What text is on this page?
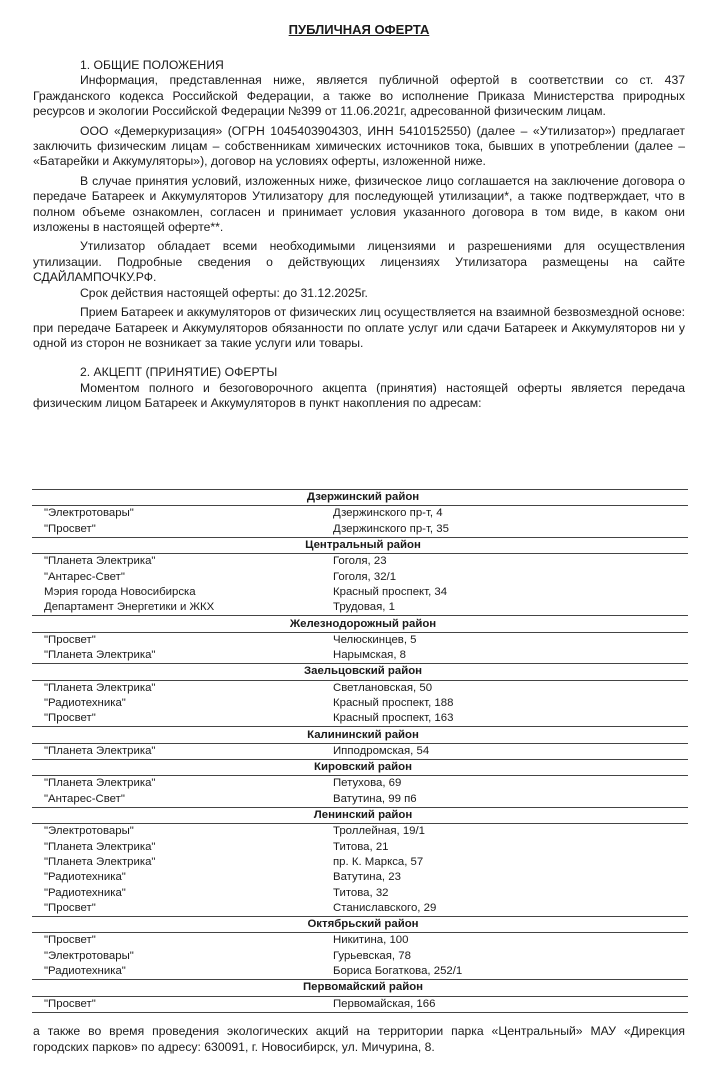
ПУБЛИЧНАЯ ОФЕРТА

1. ОБЩИЕ ПОЛОЖЕНИЯ

Информация, представленная ниже, является публичной офертой в соответствии со ст. 437 Гражданского кодекса Российской Федерации, а также во исполнение Приказа Министерства природных ресурсов и экологии Российской Федерации №399 от 11.06.2021г, адресованной физическим лицам.

ООО «Демеркуризация» (ОГРН 1045403904303, ИНН 5410152550) (далее – «Утилизатор») предлагает заключить физическим лицам – собственникам химических источников тока, бывших в употреблении (далее – «Батарейки и Аккумуляторы»), договор на условиях оферты, изложенной ниже.

В случае принятия условий, изложенных ниже, физическое лицо соглашается на заключение договора о передаче Батареек и Аккумуляторов Утилизатору для последующей утилизации*, а также подтверждает, что в полном объеме ознакомлен, согласен и принимает условия указанного договора в том виде, в каком они изложены в настоящей оферте**.

Утилизатор обладает всеми необходимыми лицензиями и разрешениями для осуществления утилизации. Подробные сведения о действующих лицензиях Утилизатора размещены на сайте СДАЙЛАМПОЧКУ.РФ.

Срок действия настоящей оферты: до 31.12.2025г.

Прием Батареек и аккумуляторов от физических лиц осуществляется на взаимной безвозмездной основе: при передаче Батареек и Аккумуляторов обязанности по оплате услуг или сдачи Батареек и Аккумуляторов ни у одной из сторон не возникает за такие услуги или товары.

2. АКЦЕПТ (ПРИНЯТИЕ) ОФЕРТЫ

Моментом полного и безоговорочного акцепта (принятия) настоящей оферты является передача физическим лицом Батареек и Аккумуляторов в пункт накопления по адресам:

Дзержинский район	
"Электротовары"	Дзержинского пр-т, 4
"Просвет"	Дзержинского пр-т, 35
Центральный район	
"Планета Электрика"	Гоголя, 23
"Антарес-Свет"	Гоголя, 32/1
Мэрия города Новосибирска	Красный проспект, 34
Департамент Энергетики и ЖКХ	Трудовая, 1
Железнодорожный район	
"Просвет"	Челюскинцев, 5
"Планета Электрика"	Нарымская, 8
Заельцовский район	
"Планета Электрика"	Светлановская, 50
"Радиотехника"	Красный проспект, 188
"Просвет"	Красный проспект, 163
Калининский район	
"Планета Электрика"	Ипподромская, 54
Кировский район	
"Планета Электрика"	Петухова, 69
"Антарес-Свет"	Ватутина, 99 п6
Ленинский район	
"Электротовары"	Троллейная, 19/1
"Планета Электрика"	Титова, 21
"Планета Электрика"	пр. К. Маркса, 57
"Радиотехника"	Ватутина, 23
"Радиотехника"	Титова, 32
"Просвет"	Станиславского, 29
Октябрьский район	
"Просвет"	Никитина, 100
"Электротовары"	Гурьевская, 78
"Радиотехника"	Бориса Богаткова, 252/1
Первомайский район	
"Просвет"	Первомайская, 166
а также во время проведения экологических акций на территории парка «Центральный» МАУ «Дирекция городских парков» по адресу: 630091, г. Новосибирск, ул. Мичурина, 8.
